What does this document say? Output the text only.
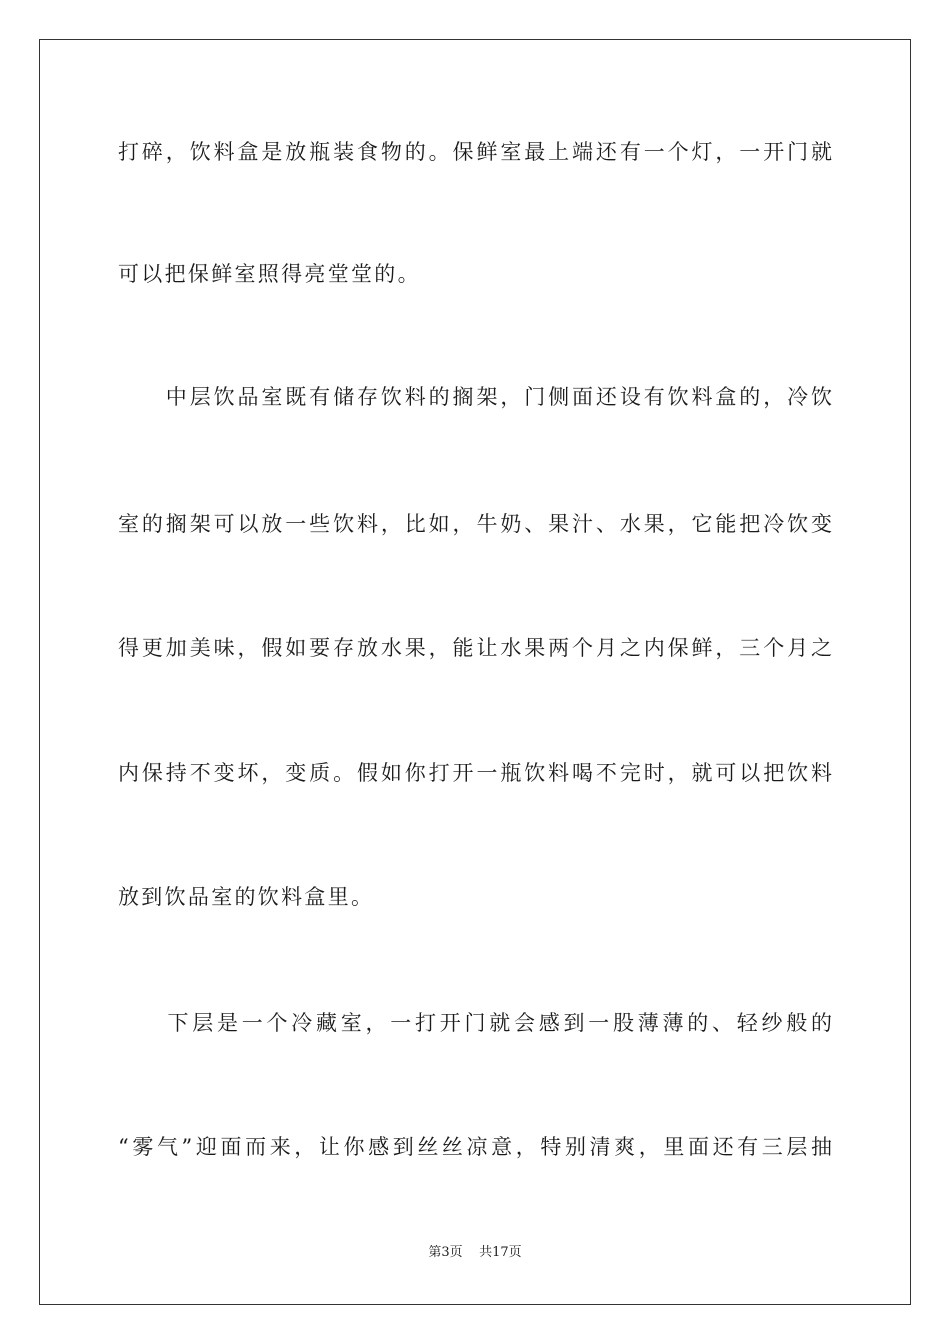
打碎，饮料盒是放瓶装食物的。保鲜室最上端还有一个灯，一开门就
可以把保鲜室照得亮堂堂的。
　　中层饮品室既有储存饮料的搁架，门侧面还设有饮料盒的，冷饮
室的搁架可以放一些饮料，比如，牛奶、果汁、水果，它能把冷饮变
得更加美味，假如要存放水果，能让水果两个月之内保鲜，三个月之
内保持不变坏，变质。假如你打开一瓶饮料喝不完时，就可以把饮料
放到饮品室的饮料盒里。
　　下层是一个冷藏室，一打开门就会感到一股薄薄的、轻纱般的
“雾气”迎面而来，让你感到丝丝凉意，特别清爽，里面还有三层抽
第3页 共17页
